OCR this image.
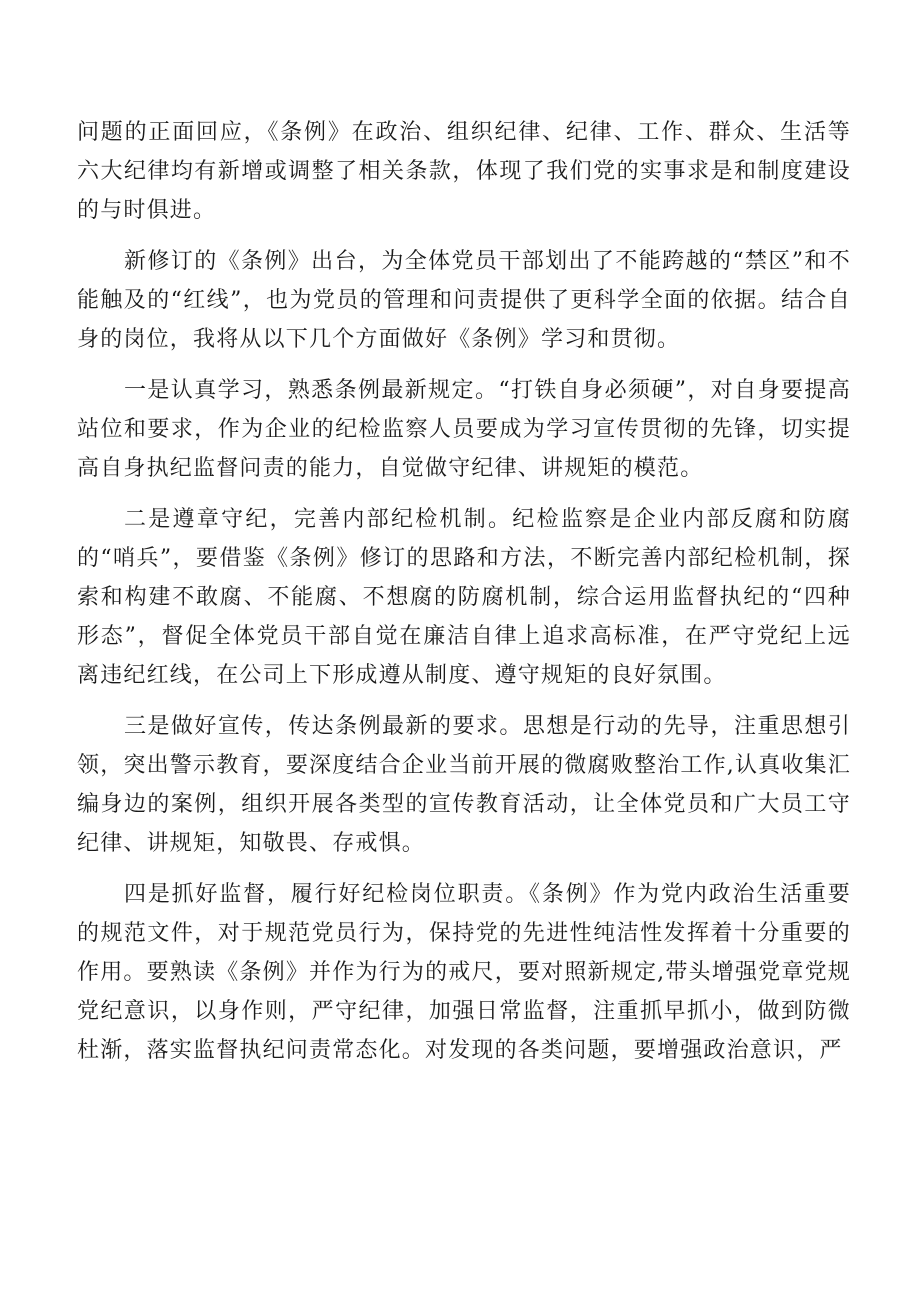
问题的正面回应，《条例》在政治、组织纪律、纪律、工作、群众、生活等六大纪律均有新增或调整了相关条款，体现了我们党的实事求是和制度建设的与时俱进。

新修订的《条例》出台，为全体党员干部划出了不能跨越的“禁区”和不能触及的“红线”，也为党员的管理和问责提供了更科学全面的依据。结合自身的岗位，我将从以下几个方面做好《条例》学习和贯彻。

一是认真学习，熟悉条例最新规定。“打铁自身必须硬”，对自身要提高站位和要求，作为企业的纪检监察人员要成为学习宣传贯彻的先锋，切实提高自身执纪监督问责的能力，自觉做守纪律、讲规矩的模范。

二是遵章守纪，完善内部纪检机制。纪检监察是企业内部反腐和防腐的“哨兵”，要借鉴《条例》修订的思路和方法，不断完善内部纪检机制，探索和构建不敢腐、不能腐、不想腐的防腐机制，综合运用监督执纪的“四种形态”，督促全体党员干部自觉在廉洁自律上追求高标准，在严守党纪上远离违纪红线，在公司上下形成遵从制度、遵守规矩的良好氛围。

三是做好宣传，传达条例最新的要求。思想是行动的先导，注重思想引领，突出警示教育，要深度结合企业当前开展的微腐败整治工作,认真收集汇编身边的案例，组织开展各类型的宣传教育活动，让全体党员和广大员工守纪律、讲规矩，知敬畏、存戒惧。

四是抓好监督，履行好纪检岗位职责。《条例》作为党内政治生活重要的规范文件，对于规范党员行为，保持党的先进性纯洁性发挥着十分重要的作用。要熟读《条例》并作为行为的戒尺，要对照新规定,带头增强党章党规党纪意识，以身作则，严守纪律，加强日常监督，注重抓早抓小，做到防微杜渐，落实监督执纪问责常态化。对发现的各类问题，要增强政治意识，严
